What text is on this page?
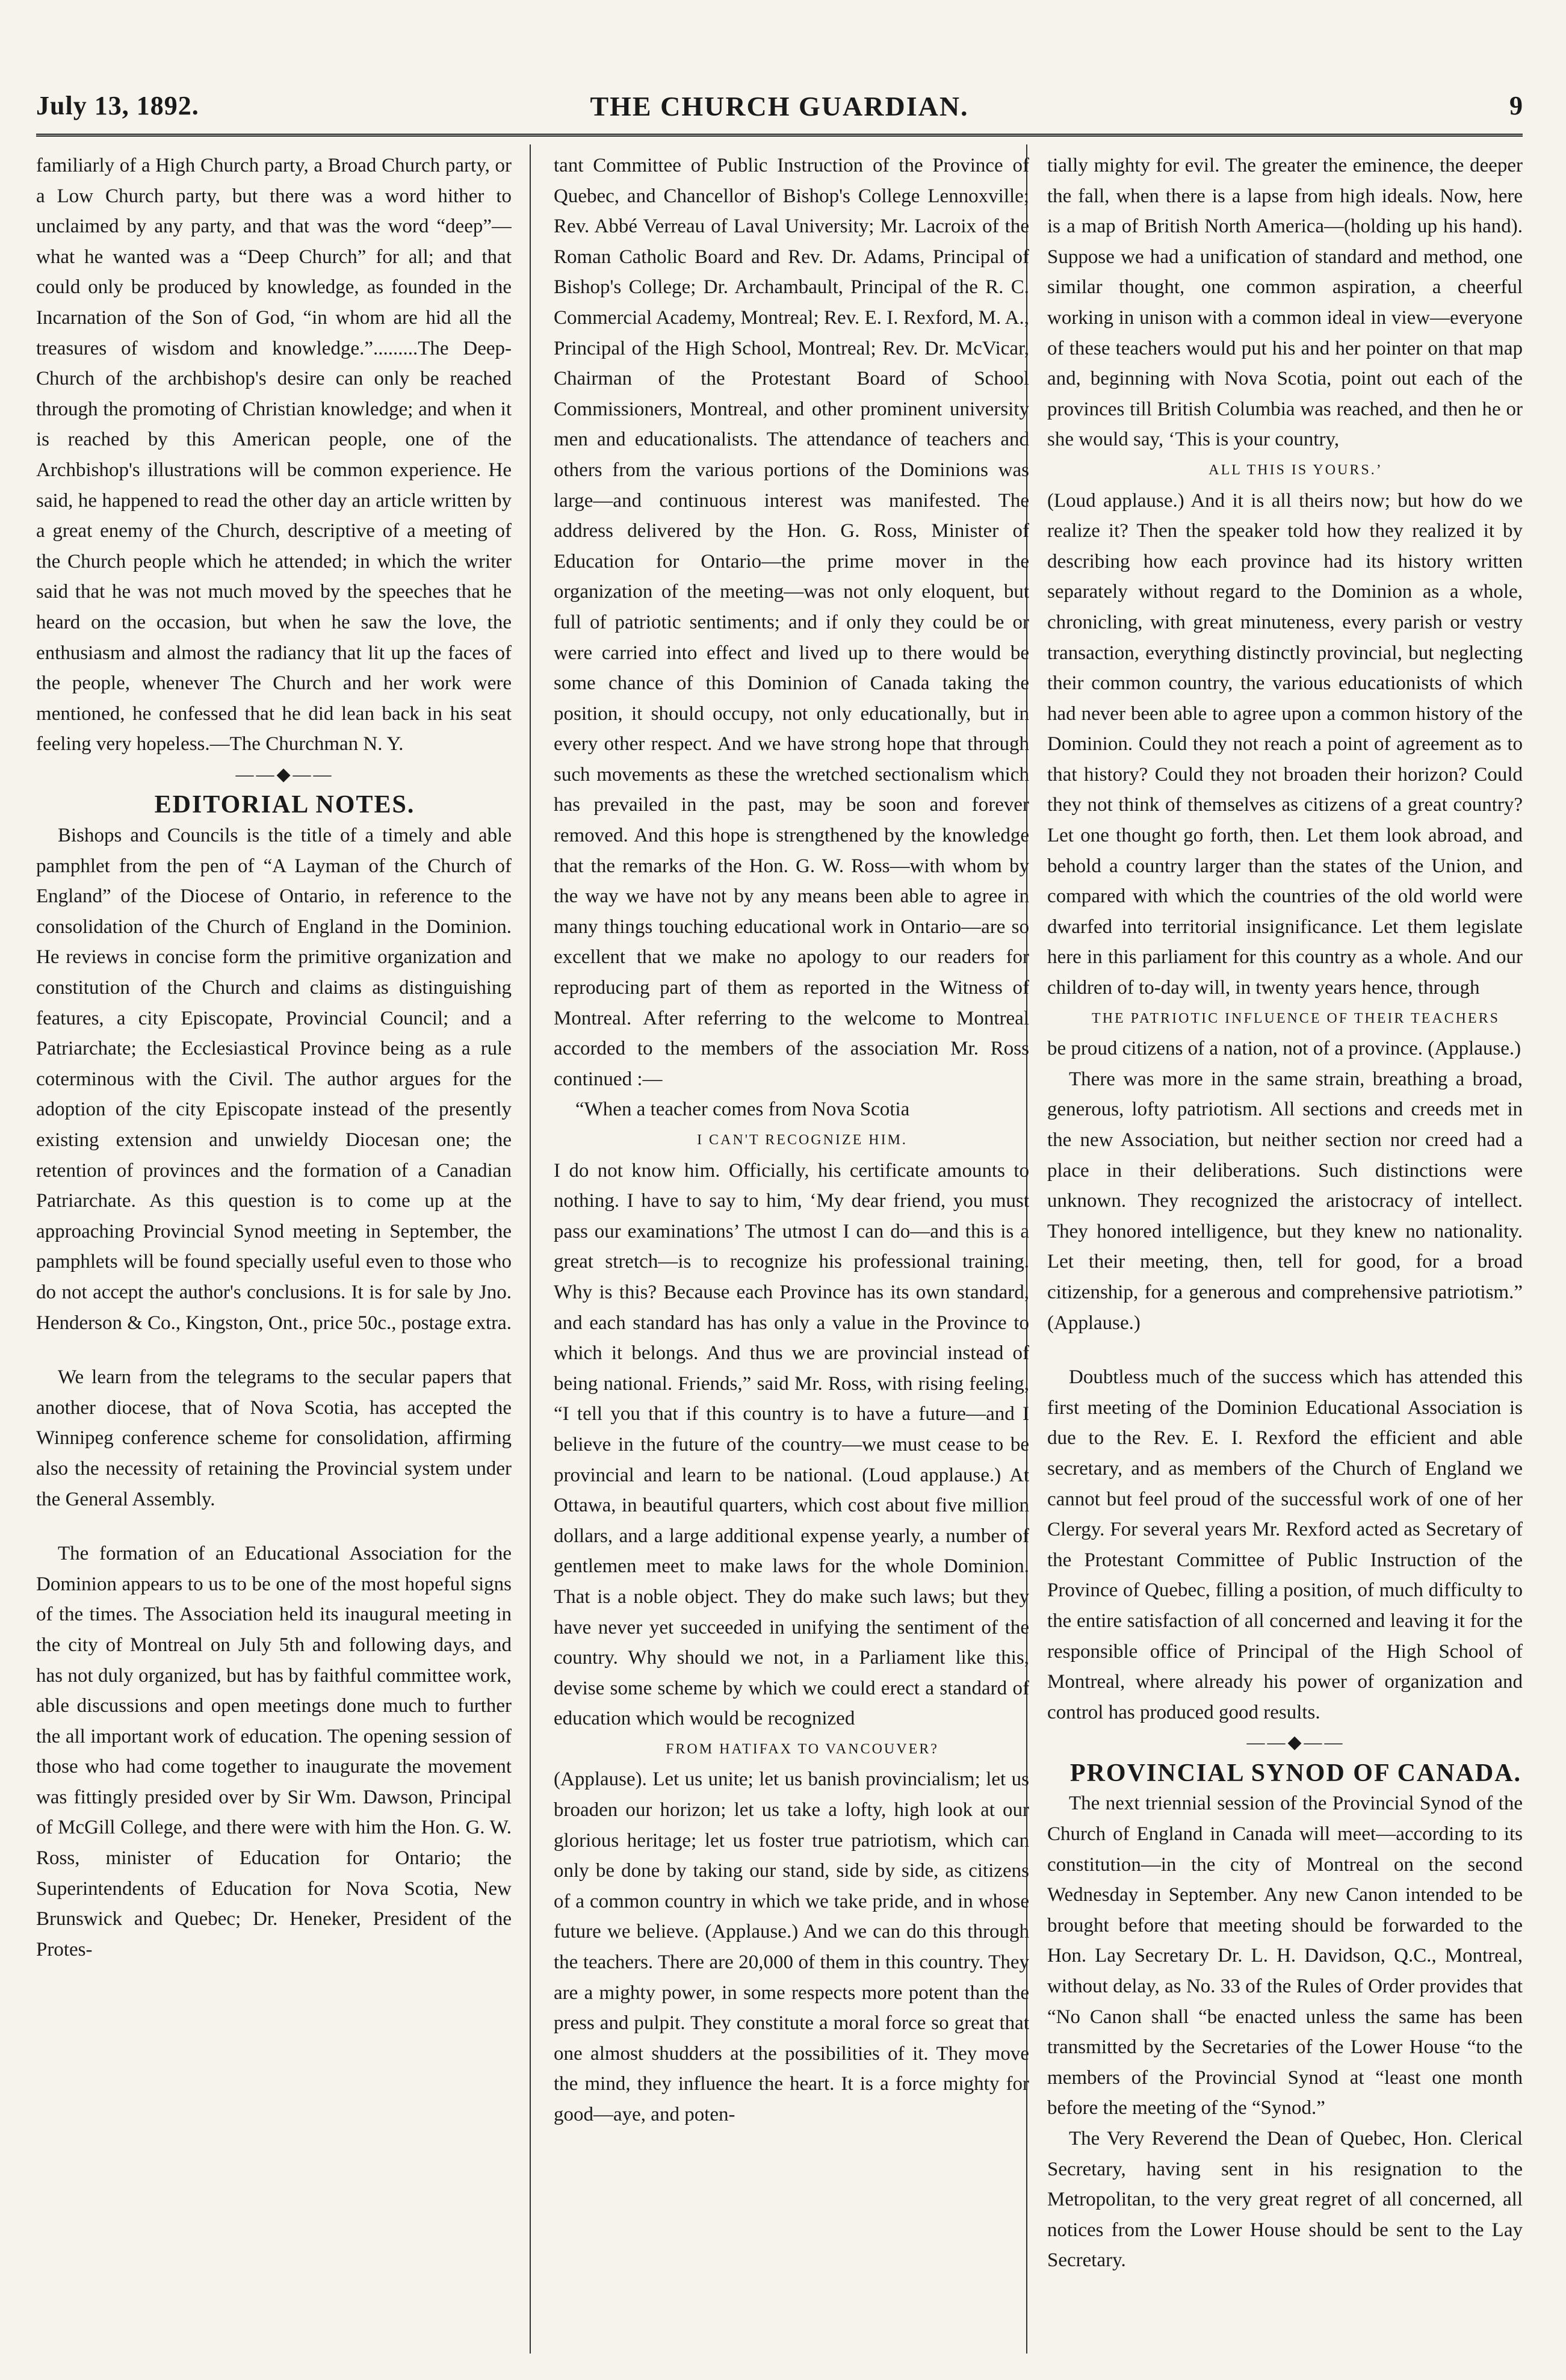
July 13, 1892.	THE CHURCH GUARDIAN.	9

familiarly of a High Church party, a Broad Church party, or a Low Church party, but there was a word hither to unclaimed by any party, and that was the word “deep”—what he wanted was a “Deep Church” for all; and that could only be produced by knowledge, as founded in the Incarnation of the Son of God, “in whom are hid all the treasures of wisdom and knowledge.”.........The Deep-Church of the archbishop's desire can only be reached through the promoting of Christian knowledge; and when it is reached by this American people, one of the Archbishop's illustrations will be common experience. He said, he happened to read the other day an article written by a great enemy of the Church, descriptive of a meeting of the Church people which he attended; in which the writer said that he was not much moved by the speeches that he heard on the occasion, but when he saw the love, the enthusiasm and almost the radiancy that lit up the faces of the people, whenever The Church and her work were mentioned, he confessed that he did lean back in his seat feeling very hopeless.—The Churchman N. Y.

——◆——

EDITORIAL NOTES.

Bishops and Councils is the title of a timely and able pamphlet from the pen of “A Layman of the Church of England” of the Diocese of Ontario, in reference to the consolidation of the Church of England in the Dominion. He reviews in concise form the primitive organization and constitution of the Church and claims as distinguishing features, a city Episcopate, Provincial Council; and a Patriarchate; the Ecclesiastical Province being as a rule coterminous with the Civil. The author argues for the adoption of the city Episcopate instead of the presently existing extension and unwieldy Diocesan one; the retention of provinces and the formation of a Canadian Patriarchate. As this question is to come up at the approaching Provincial Synod meeting in September, the pamphlets will be found specially useful even to those who do not accept the author's conclusions. It is for sale by Jno. Henderson & Co., Kingston, Ont., price 50c., postage extra.

We learn from the telegrams to the secular papers that another diocese, that of Nova Scotia, has accepted the Winnipeg conference scheme for consolidation, affirming also the necessity of retaining the Provincial system under the General Assembly.

The formation of an Educational Association for the Dominion appears to us to be one of the most hopeful signs of the times. The Association held its inaugural meeting in the city of Montreal on July 5th and following days, and has not duly organized, but has by faithful committee work, able discussions and open meetings done much to further the all important work of education. The opening session of those who had come together to inaugurate the movement was fittingly presided over by Sir Wm. Dawson, Principal of McGill College, and there were with him the Hon. G. W. Ross, minister of Education for Ontario; the Superintendents of Education for Nova Scotia, New Brunswick and Quebec; Dr. Heneker, President of the Protes-

tant Committee of Public Instruction of the Province of Quebec, and Chancellor of Bishop's College Lennoxville; Rev. Abbé Verreau of Laval University; Mr. Lacroix of the Roman Catholic Board and Rev. Dr. Adams, Principal of Bishop's College; Dr. Archambault, Principal of the R. C. Commercial Academy, Montreal; Rev. E. I. Rexford, M. A., Principal of the High School, Montreal; Rev. Dr. McVicar, Chairman of the Protestant Board of School Commissioners, Montreal, and other prominent university men and educationalists. The attendance of teachers and others from the various portions of the Dominions was large—and continuous interest was manifested. The address delivered by the Hon. G. Ross, Minister of Education for Ontario—the prime mover in the organization of the meeting—was not only eloquent, but full of patriotic sentiments; and if only they could be or were carried into effect and lived up to there would be some chance of this Dominion of Canada taking the position, it should occupy, not only educationally, but in every other respect. And we have strong hope that through such movements as these the wretched sectionalism which has prevailed in the past, may be soon and forever removed. And this hope is strengthened by the knowledge that the remarks of the Hon. G. W. Ross—with whom by the way we have not by any means been able to agree in many things touching educational work in Ontario—are so excellent that we make no apology to our readers for reproducing part of them as reported in the Witness of Montreal. After referring to the welcome to Montreal accorded to the members of the association Mr. Ross continued :—

“When a teacher comes from Nova Scotia

I CAN'T RECOGNIZE HIM.

I do not know him. Officially, his certificate amounts to nothing. I have to say to him, ‘My dear friend, you must pass our examinations’ The utmost I can do—and this is a great stretch—is to recognize his professional training. Why is this? Because each Province has its own standard, and each standard has has only a value in the Province to which it belongs. And thus we are provincial instead of being national. Friends,” said Mr. Ross, with rising feeling, “I tell you that if this country is to have a future—and I believe in the future of the country—we must cease to be provincial and learn to be national. (Loud applause.) At Ottawa, in beautiful quarters, which cost about five million dollars, and a large additional expense yearly, a number of gentlemen meet to make laws for the whole Dominion. That is a noble object. They do make such laws; but they have never yet succeeded in unifying the sentiment of the country. Why should we not, in a Parliament like this, devise some scheme by which we could erect a standard of education which would be recognized

FROM HATIFAX TO VANCOUVER?

(Applause). Let us unite; let us banish provincialism; let us broaden our horizon; let us take a lofty, high look at our glorious heritage; let us foster true patriotism, which can only be done by taking our stand, side by side, as citizens of a common country in which we take pride, and in whose future we believe. (Applause.) And we can do this through the teachers. There are 20,000 of them in this country. They are a mighty power, in some respects more potent than the press and pulpit. They constitute a moral force so great that one almost shudders at the possibilities of it. They move the mind, they influence the heart. It is a force mighty for good—aye, and poten-

tially mighty for evil. The greater the eminence, the deeper the fall, when there is a lapse from high ideals. Now, here is a map of British North America—(holding up his hand). Suppose we had a unification of standard and method, one similar thought, one common aspiration, a cheerful working in unison with a common ideal in view—everyone of these teachers would put his and her pointer on that map and, beginning with Nova Scotia, point out each of the provinces till British Columbia was reached, and then he or she would say, ‘This is your country,

ALL THIS IS YOURS.’

(Loud applause.) And it is all theirs now; but how do we realize it? Then the speaker told how they realized it by describing how each province had its history written separately without regard to the Dominion as a whole, chronicling, with great minuteness, every parish or vestry transaction, everything distinctly provincial, but neglecting their common country, the various educationists of which had never been able to agree upon a common history of the Dominion. Could they not reach a point of agreement as to that history? Could they not broaden their horizon? Could they not think of themselves as citizens of a great country? Let one thought go forth, then. Let them look abroad, and behold a country larger than the states of the Union, and compared with which the countries of the old world were dwarfed into territorial insignificance. Let them legislate here in this parliament for this country as a whole. And our children of to-day will, in twenty years hence, through

THE PATRIOTIC INFLUENCE OF THEIR TEACHERS

be proud citizens of a nation, not of a province. (Applause.)

There was more in the same strain, breathing a broad, generous, lofty patriotism. All sections and creeds met in the new Association, but neither section nor creed had a place in their deliberations. Such distinctions were unknown. They recognized the aristocracy of intellect. They honored intelligence, but they knew no nationality. Let their meeting, then, tell for good, for a broad citizenship, for a generous and comprehensive patriotism.” (Applause.)

Doubtless much of the success which has attended this first meeting of the Dominion Educational Association is due to the Rev. E. I. Rexford the efficient and able secretary, and as members of the Church of England we cannot but feel proud of the successful work of one of her Clergy. For several years Mr. Rexford acted as Secretary of the Protestant Committee of Public Instruction of the Province of Quebec, filling a position, of much difficulty to the entire satisfaction of all concerned and leaving it for the responsible office of Principal of the High School of Montreal, where already his power of organization and control has produced good results.

——◆——

PROVINCIAL SYNOD OF CANADA.

The next triennial session of the Provincial Synod of the Church of England in Canada will meet—according to its constitution—in the city of Montreal on the second Wednesday in September. Any new Canon intended to be brought before that meeting should be forwarded to the Hon. Lay Secretary Dr. L. H. Davidson, Q.C., Montreal, without delay, as No. 33 of the Rules of Order provides that “No Canon shall “be enacted unless the same has been transmitted by the Secretaries of the Lower House “to the members of the Provincial Synod at “least one month before the meeting of the “Synod.”

The Very Reverend the Dean of Quebec, Hon. Clerical Secretary, having sent in his resignation to the Metropolitan, to the very great regret of all concerned, all notices from the Lower House should be sent to the Lay Secretary.
